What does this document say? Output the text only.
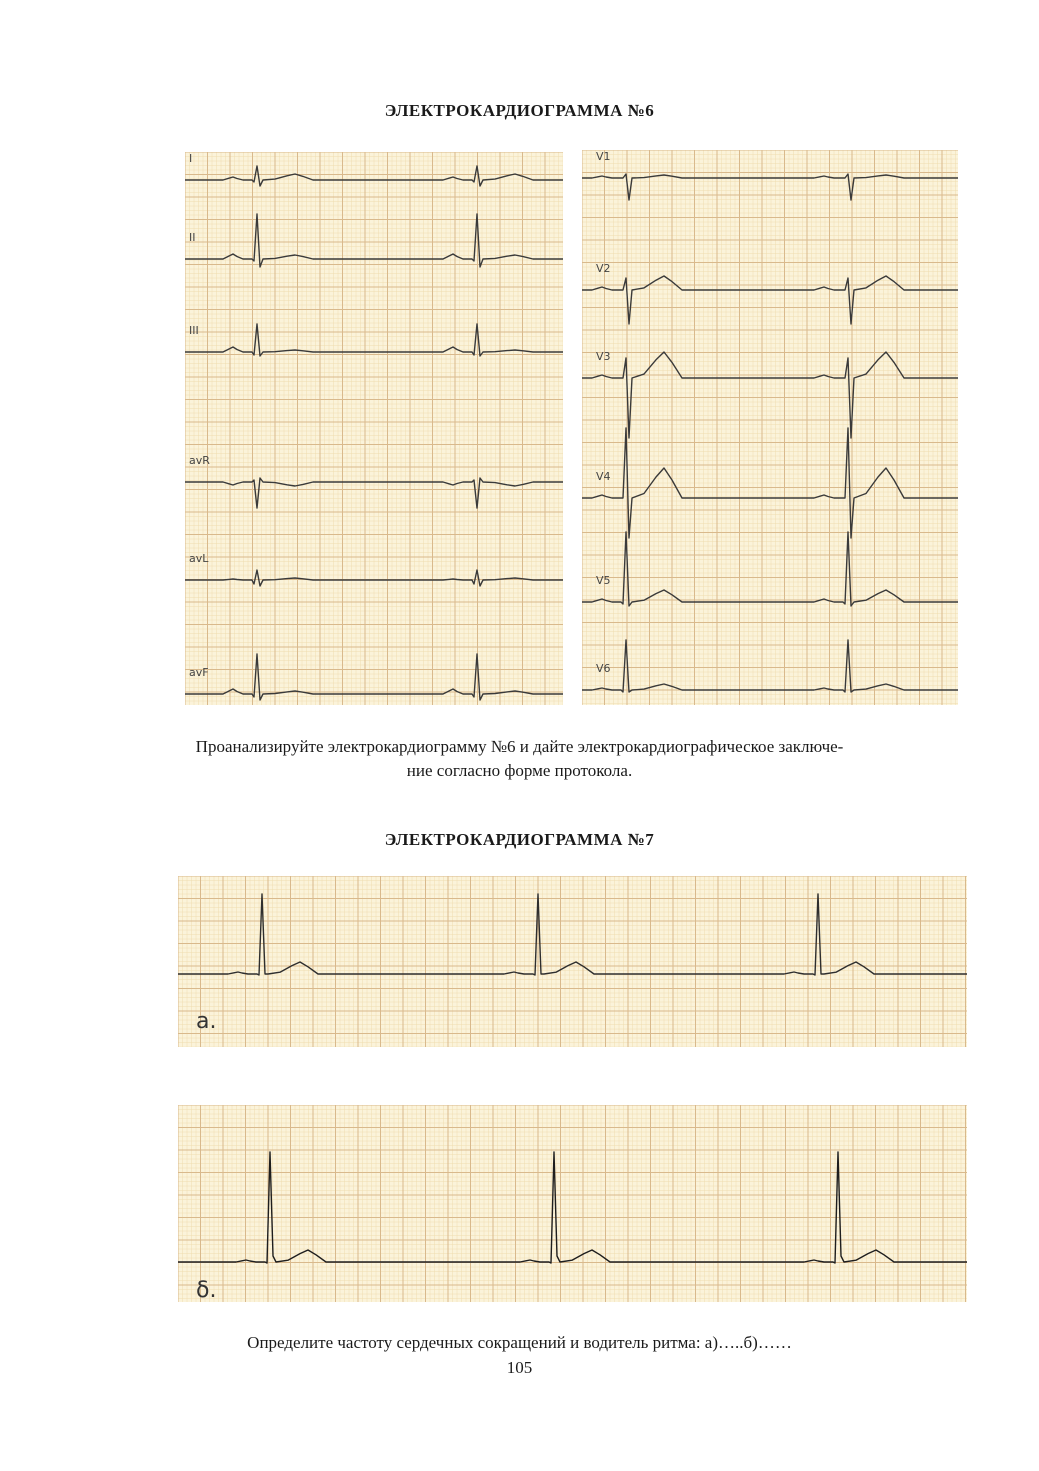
ЭЛЕКТРОКАРДИОГРАММА №6
I
II
III
avR
avL
avF
V1
V2
V3
V4
V5
V6
Проанализируйте электрокардиограмму №6 и дайте электрокардиографическое заключе-
ние согласно форме протокола.
ЭЛЕКТРОКАРДИОГРАММА №7
а.
δ.
Определите частоту сердечных сокращений и водитель ритма: а)…..б)……
105
